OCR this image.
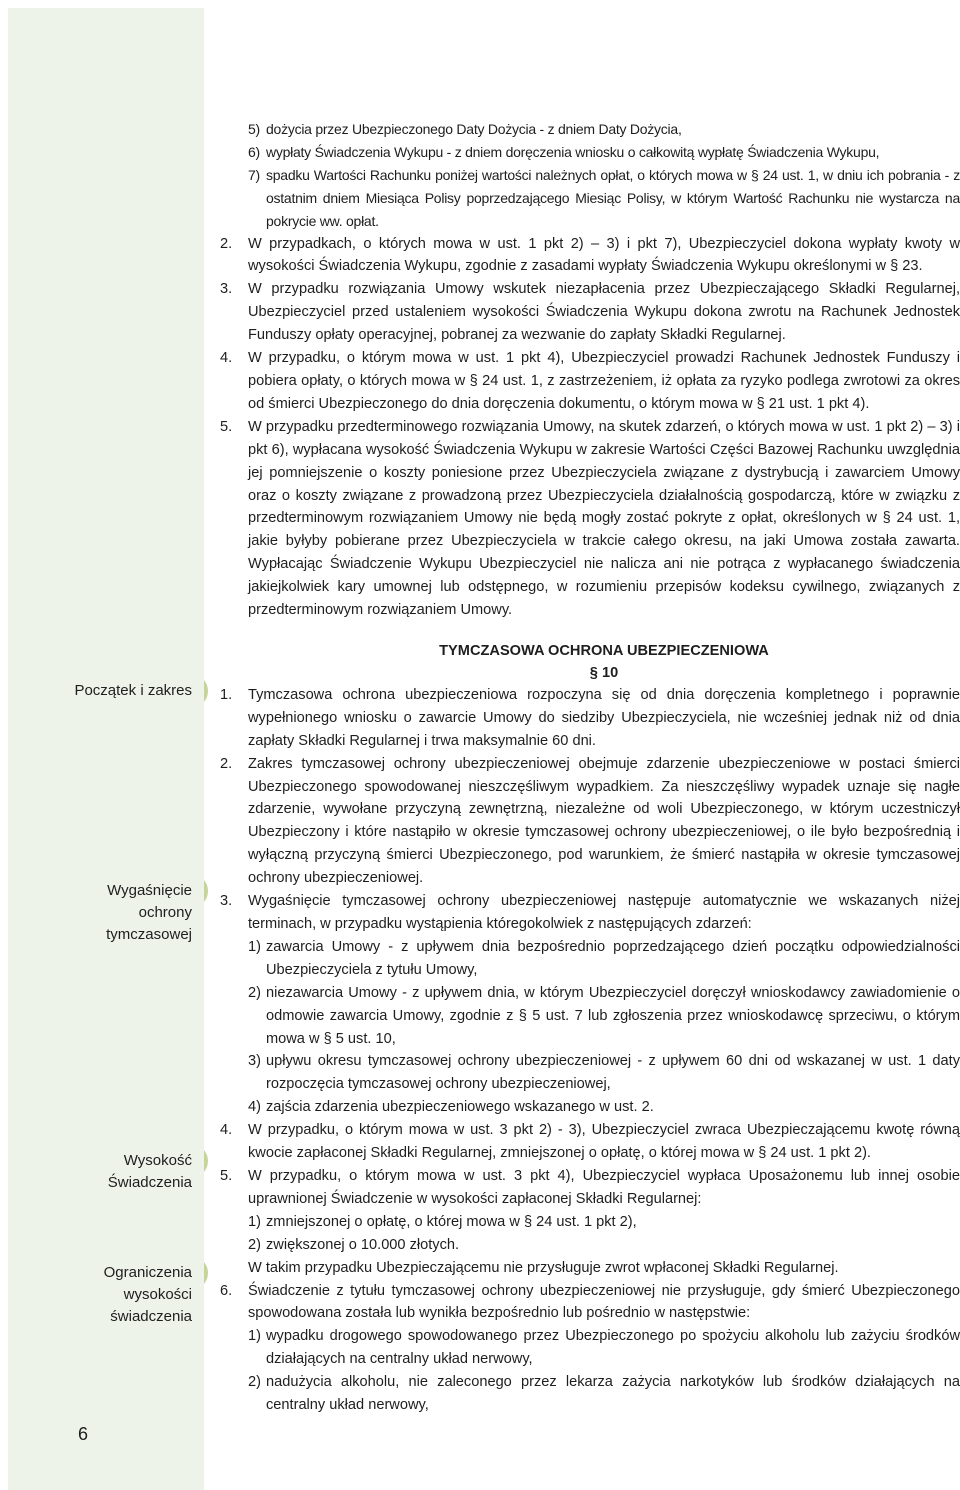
Początek i zakres
Wygaśnięcie
ochrony
tymczasowej
Wysokość
Świadczenia
Ograniczenia
wysokości
świadczenia
6
5) dożycia przez Ubezpieczonego Daty Dożycia - z dniem Daty Dożycia,
6) wypłaty Świadczenia Wykupu - z dniem doręczenia wniosku o całkowitą wypłatę Świadczenia Wykupu,
7) spadku Wartości Rachunku poniżej wartości należnych opłat, o których mowa w § 24 ust. 1, w dniu ich pobrania - z ostatnim dniem Miesiąca Polisy poprzedzającego Miesiąc Polisy, w którym Wartość Rachunku nie wystarcza na pokrycie ww. opłat.
2. W przypadkach, o których mowa w ust. 1 pkt 2) – 3) i pkt 7), Ubezpieczyciel dokona wypłaty kwoty w wysokości Świadczenia Wykupu, zgodnie z zasadami wypłaty Świadczenia Wykupu określonymi w § 23.
3. W przypadku rozwiązania Umowy wskutek niezapłacenia przez Ubezpieczającego Składki Regularnej, Ubezpieczyciel przed ustaleniem wysokości Świadczenia Wykupu dokona zwrotu na Rachunek Jednostek Funduszy opłaty operacyjnej, pobranej za wezwanie do zapłaty Składki Regularnej.
4. W przypadku, o którym mowa w ust. 1 pkt 4), Ubezpieczyciel prowadzi Rachunek Jednostek Funduszy i pobiera opłaty, o których mowa w § 24 ust. 1, z zastrzeżeniem, iż opłata za ryzyko podlega zwrotowi za okres od śmierci Ubezpieczonego do dnia doręczenia dokumentu, o którym mowa w § 21 ust. 1 pkt 4).
5. W przypadku przedterminowego rozwiązania Umowy, na skutek zdarzeń, o których mowa w ust. 1 pkt 2) – 3) i pkt 6), wypłacana wysokość Świadczenia Wykupu w zakresie Wartości Części Bazowej Rachunku uwzględnia jej pomniejszenie o koszty poniesione przez Ubezpieczyciela związane z dystrybucją i zawarciem Umowy oraz o koszty związane z prowadzoną przez Ubezpieczyciela działalnością gospodarczą, które w związku z przedterminowym rozwiązaniem Umowy nie będą mogły zostać pokryte z opłat, określonych w § 24 ust. 1, jakie byłyby pobierane przez Ubezpieczyciela w trakcie całego okresu, na jaki Umowa została zawarta. Wypłacając Świadczenie Wykupu Ubezpieczyciel nie nalicza ani nie potrąca z wypłacanego świadczenia jakiejkolwiek kary umownej lub odstępnego, w rozumieniu przepisów kodeksu cywilnego, związanych z przedterminowym rozwiązaniem Umowy.
TYMCZASOWA OCHRONA UBEZPIECZENIOWA
§ 10
1. Tymczasowa ochrona ubezpieczeniowa rozpoczyna się od dnia doręczenia kompletnego i poprawnie wypełnionego wniosku o zawarcie Umowy do siedziby Ubezpieczyciela, nie wcześniej jednak niż od dnia zapłaty Składki Regularnej i trwa maksymalnie 60 dni.
2. Zakres tymczasowej ochrony ubezpieczeniowej obejmuje zdarzenie ubezpieczeniowe w postaci śmierci Ubezpieczonego spowodowanej nieszczęśliwym wypadkiem. Za nieszczęśliwy wypadek uznaje się nagłe zdarzenie, wywołane przyczyną zewnętrzną, niezależne od woli Ubezpieczonego, w którym uczestniczył Ubezpieczony i które nastąpiło w okresie tymczasowej ochrony ubezpieczeniowej, o ile było bezpośrednią i wyłączną przyczyną śmierci Ubezpieczonego, pod warunkiem, że śmierć nastąpiła w okresie tymczasowej ochrony ubezpieczeniowej.
3. Wygaśnięcie tymczasowej ochrony ubezpieczeniowej następuje automatycznie we wskazanych niżej terminach, w przypadku wystąpienia któregokolwiek z następujących zdarzeń:
1) zawarcia Umowy - z upływem dnia bezpośrednio poprzedzającego dzień początku odpowiedzialności Ubezpieczyciela z tytułu Umowy,
2) niezawarcia Umowy - z upływem dnia, w którym Ubezpieczyciel doręczył wnioskodawcy zawiadomienie o odmowie zawarcia Umowy, zgodnie z § 5 ust. 7 lub zgłoszenia przez wnioskodawcę sprzeciwu, o którym mowa w § 5 ust. 10,
3) upływu okresu tymczasowej ochrony ubezpieczeniowej - z upływem 60 dni od wskazanej w ust. 1 daty rozpoczęcia tymczasowej ochrony ubezpieczeniowej,
4) zajścia zdarzenia ubezpieczeniowego wskazanego w ust. 2.
4. W przypadku, o którym mowa w ust. 3 pkt 2) - 3), Ubezpieczyciel zwraca Ubezpieczającemu kwotę równą kwocie zapłaconej Składki Regularnej, zmniejszonej o opłatę, o której mowa w § 24 ust. 1 pkt 2).
5. W przypadku, o którym mowa w ust. 3 pkt 4), Ubezpieczyciel wypłaca Uposażonemu lub innej osobie uprawnionej Świadczenie w wysokości zapłaconej Składki Regularnej:
1) zmniejszonej o opłatę, o której mowa w § 24 ust. 1 pkt 2),
2) zwiększonej o 10.000 złotych.
W takim przypadku Ubezpieczającemu nie przysługuje zwrot wpłaconej Składki Regularnej.
6. Świadczenie z tytułu tymczasowej ochrony ubezpieczeniowej nie przysługuje, gdy śmierć Ubezpieczonego spowodowana została lub wynikła bezpośrednio lub pośrednio w następstwie:
1) wypadku drogowego spowodowanego przez Ubezpieczonego po spożyciu alkoholu lub zażyciu środków działających na centralny układ nerwowy,
2) nadużycia alkoholu, nie zaleconego przez lekarza zażycia narkotyków lub środków działających na centralny układ nerwowy,
